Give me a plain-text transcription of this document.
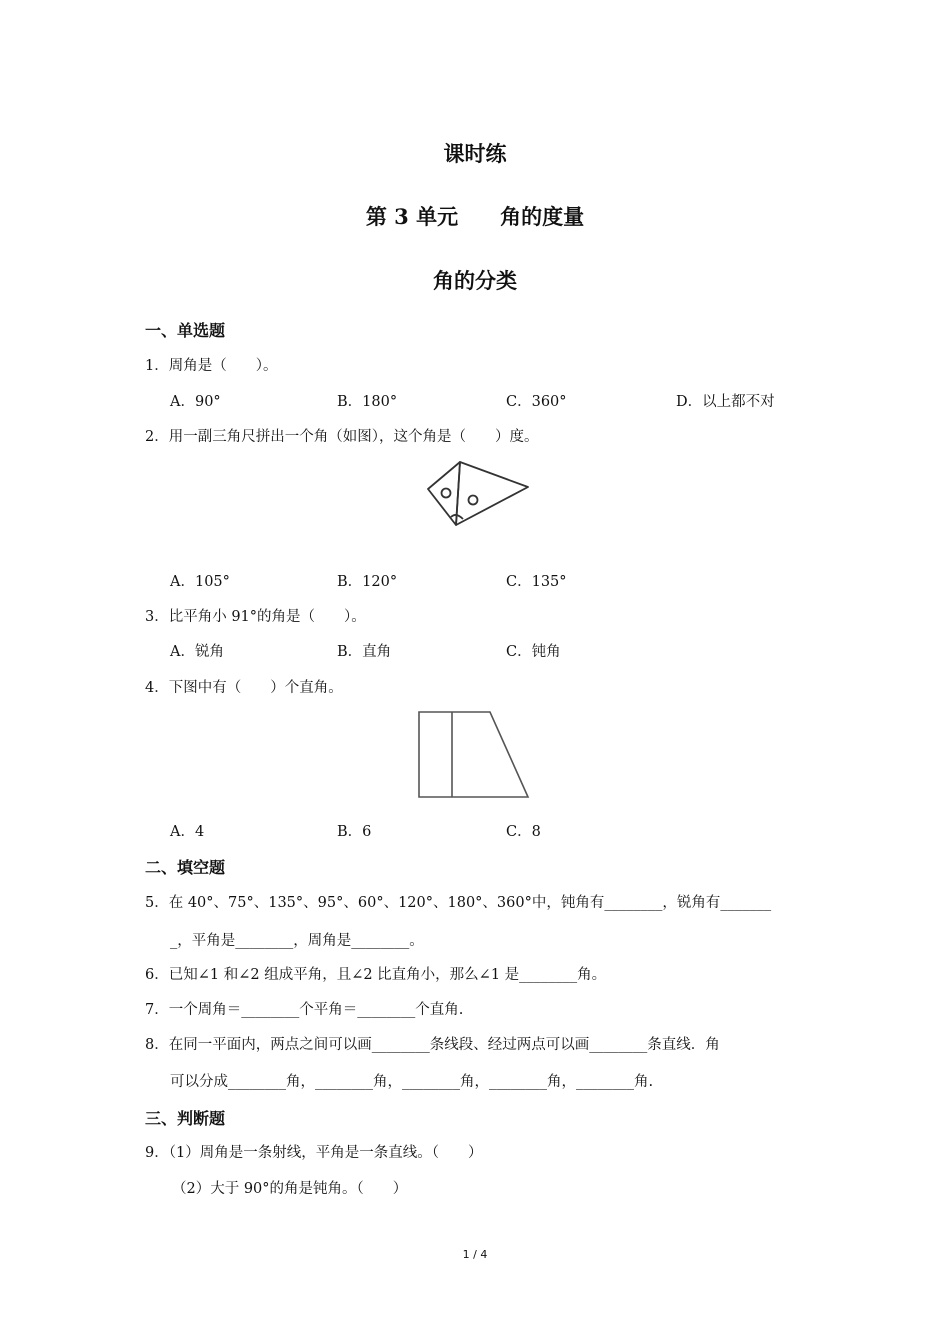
课时练
第 3 单元　　角的度量
角的分类
一、单选题
1．周角是（　　）。
A．90°	B．180°	C．360°	D．以上都不对
2．用一副三角尺拼出一个角（如图），这个角是（　　）度。
A．105°	B．120°	C．135°
3．比平角小 91°的角是（　　）。
A．锐角	B．直角	C．钝角
4．下图中有（　　）个直角。
A．4	B．6	C．8
二、填空题
5．在 40°、75°、135°、95°、60°、120°、180°、360°中，钝角有________，锐角有_______
_，平角是________，周角是________。
6．已知∠1 和∠2 组成平角，且∠2 比直角小，那么∠1 是________角。
7．一个周角＝________个平角＝________个直角.
8．在同一平面内，两点之间可以画________条线段、经过两点可以画________条直线．角
可以分成________角，________角，________角，________角，________角.
三、判断题
9．（1）周角是一条射线，平角是一条直线。（　　）
（2）大于 90°的角是钝角。（　　）
1 / 4
